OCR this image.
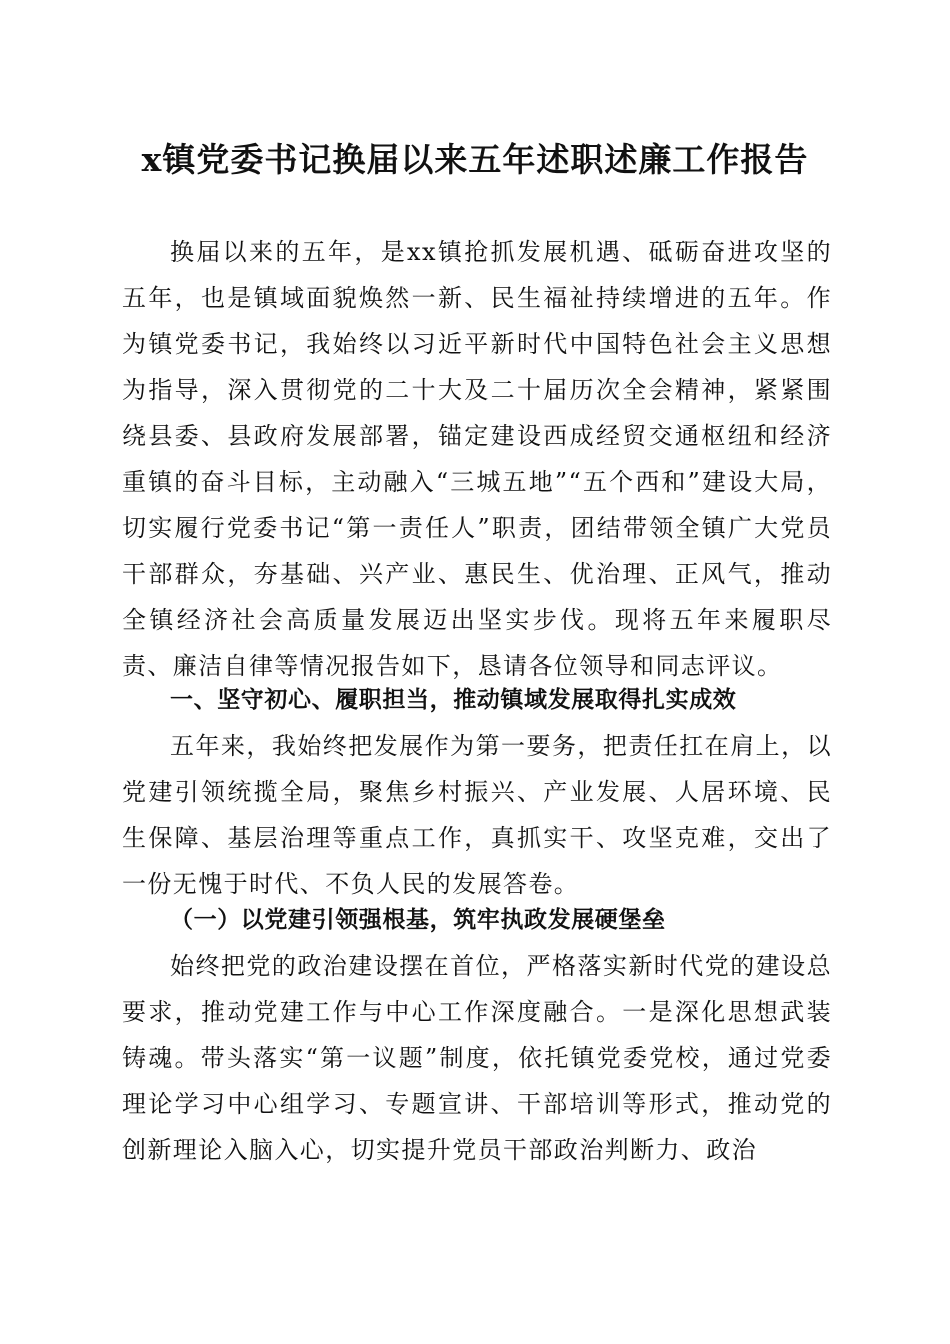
x镇党委书记换届以来五年述职述廉工作报告

换届以来的五年，是xx镇抢抓发展机遇、砥砺奋进攻坚的五年，也是镇域面貌焕然一新、民生福祉持续增进的五年。作为镇党委书记，我始终以习近平新时代中国特色社会主义思想为指导，深入贯彻党的二十大及二十届历次全会精神，紧紧围绕县委、县政府发展部署，锚定建设西成经贸交通枢纽和经济重镇的奋斗目标，主动融入“三城五地”“五个西和”建设大局，切实履行党委书记“第一责任人”职责，团结带领全镇广大党员干部群众，夯基础、兴产业、惠民生、优治理、正风气，推动全镇经济社会高质量发展迈出坚实步伐。现将五年来履职尽责、廉洁自律等情况报告如下，恳请各位领导和同志评议。

一、坚守初心、履职担当，推动镇域发展取得扎实成效

五年来，我始终把发展作为第一要务，把责任扛在肩上，以党建引领统揽全局，聚焦乡村振兴、产业发展、人居环境、民生保障、基层治理等重点工作，真抓实干、攻坚克难，交出了一份无愧于时代、不负人民的发展答卷。

（一）以党建引领强根基，筑牢执政发展硬堡垒

始终把党的政治建设摆在首位，严格落实新时代党的建设总要求，推动党建工作与中心工作深度融合。一是深化思想武装铸魂。带头落实“第一议题”制度，依托镇党委党校，通过党委理论学习中心组学习、专题宣讲、干部培训等形式，推动党的创新理论入脑入心，切实提升党员干部政治判断力、政治
